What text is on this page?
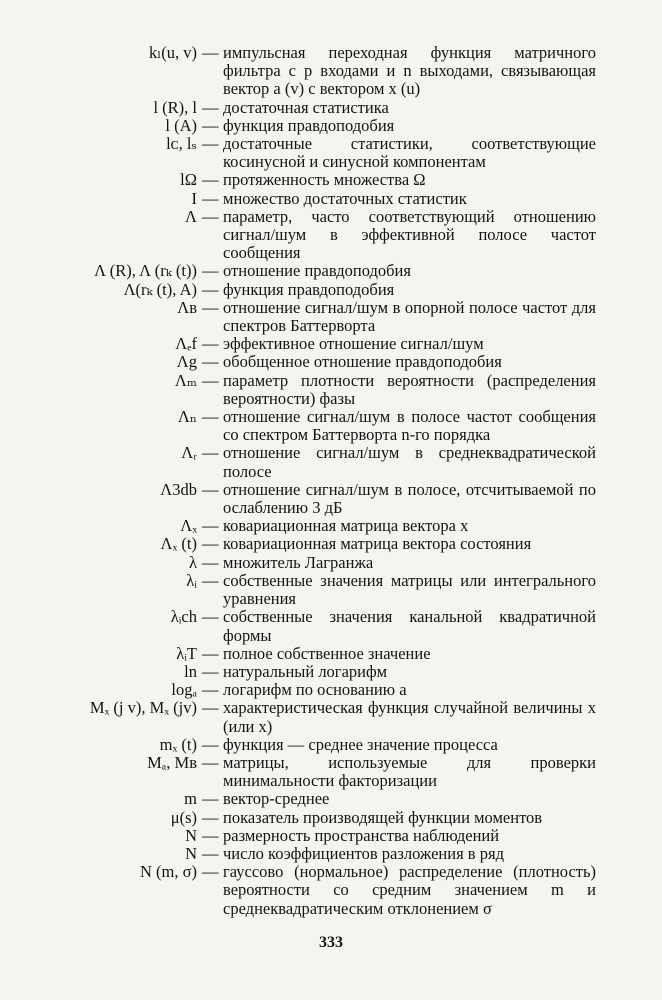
kₗ(u, v) — импульсная переходная функция матричного фильтра с p входами и n выходами, связывающая вектор a (v) с вектором x (u)
l (R), l — достаточная статистика
l (A) — функция правдоподобия
lᴄ, lₛ — достаточные статистики, соответствующие косинусной и синусной компонентам
lΩ — протяженность множества Ω
I — множество достаточных статистик
Λ — параметр, часто соответствующий отношению сигнал/шум в эффективной полосе частот сообщения
Λ (R), Λ (rₖ (t)) — отношение правдоподобия
Λ(rₖ (t), A) — функция правдоподобия
Λʙ — отношение сигнал/шум в опорной полосе частот для спектров Баттерворта
Λₑf — эффективное отношение сигнал/шум
Λg — обобщенное отношение правдоподобия
Λₘ — параметр плотности вероятности (распределения вероятности) фазы
Λₙ — отношение сигнал/шум в полосе частот сообщения со спектром Баттерворта n-го порядка
Λᵣ — отношение сигнал/шум в среднеквадратической полосе
Λ3db — отношение сигнал/шум в полосе, отсчитываемой по ослаблению 3 дБ
Λₓ — ковариационная матрица вектора x
Λₓ (t) — ковариационная матрица вектора состояния
λ — множитель Лагранжа
λᵢ — собственные значения матрицы или интегрального уравнения
λᵢch — собственные значения канальной квадратичной формы
λᵢT — полное собственное значение
ln — натуральный логарифм
logₐ — логарифм по основанию a
Mₓ (j v), Mₓ (jv) — характеристическая функция случайной величины x (или x)
mₓ (t) — функция — среднее значение процесса
Mₐ, Mʙ — матрицы, используемые для проверки минимальности факторизации
m — вектор-среднее
μ(s) — показатель производящей функции моментов
N — размерность пространства наблюдений
N — число коэффициентов разложения в ряд
N (m, σ) — гауссово (нормальное) распределение (плотность) вероятности со средним значением m и среднеквадратическим отклонением σ
333
